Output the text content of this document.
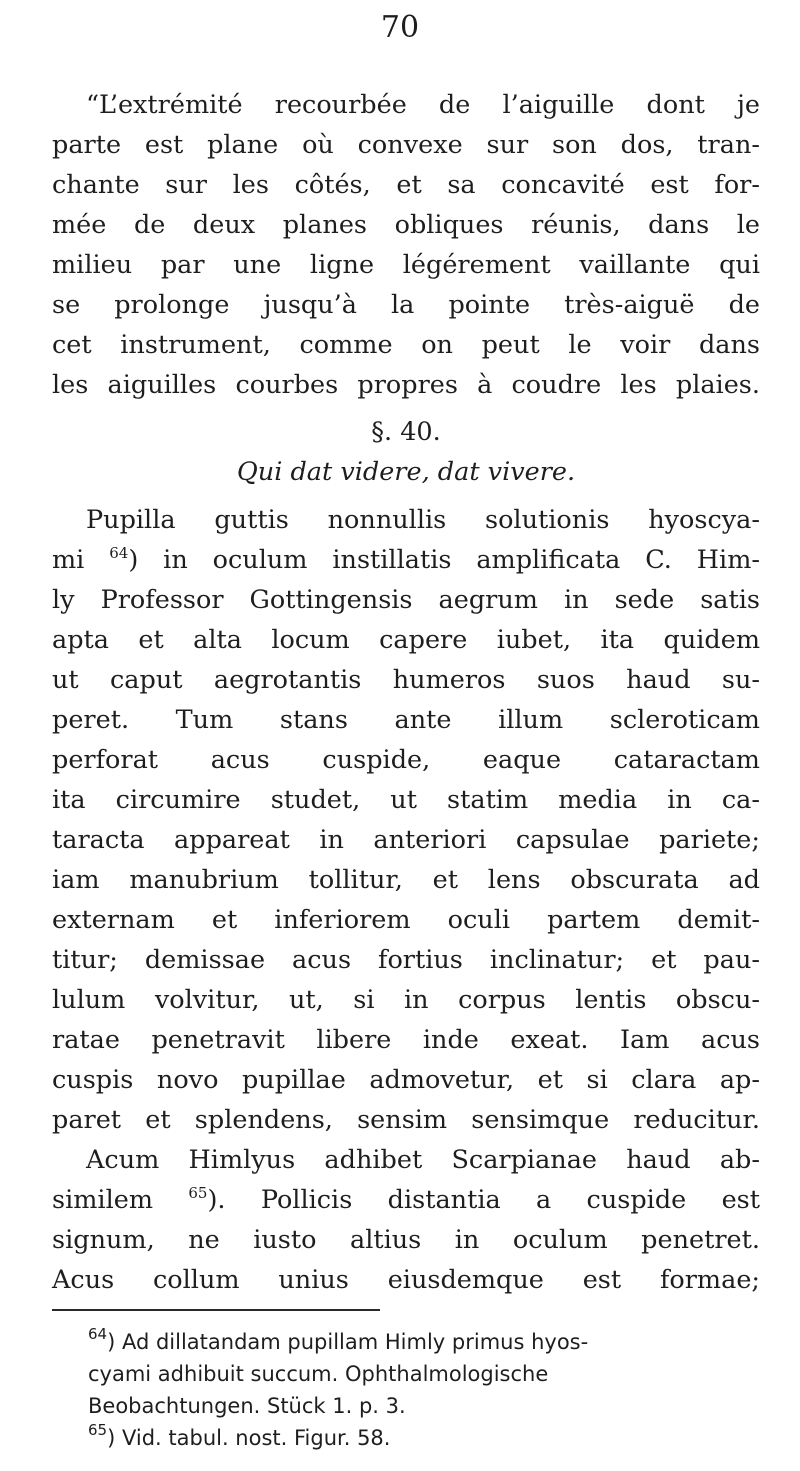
70
“L’extrémité recourbée de l’aiguille dont je
parte est plane où convexe sur son dos, tran-
chante sur les côtés, et sa concavité est for-
mée de deux planes obliques réunis, dans le
milieu par une ligne légérement vaillante qui
se prolonge jusqu’à la pointe très-aiguë de
cet instrument, comme on peut le voir dans
les aiguilles courbes propres à coudre les plaies.
§. 40.
Qui dat videre, dat vivere.
Pupilla guttis nonnullis solutionis hyoscya-
mi $^{64}$) in oculum instillatis amplificata C. Him-
ly Professor Gottingensis aegrum in sede satis
apta et alta locum capere iubet, ita quidem
ut caput aegrotantis humeros suos haud su-
peret. Tum stans ante illum scleroticam
perforat acus cuspide, eaque cataractam
ita circumire studet, ut statim media in ca-
taracta appareat in anteriori capsulae pariete;
iam manubrium tollitur, et lens obscurata ad
externam et inferiorem oculi partem demit-
titur; demissae acus fortius inclinatur; et pau-
lulum volvitur, ut, si in corpus lentis obscu-
ratae penetravit libere inde exeat. Iam acus
cuspis novo pupillae admovetur, et si clara ap-
paret et splendens, sensim sensimque reducitur.
Acum Himlyus adhibet Scarpianae haud ab-
similem $^{65}$). Pollicis distantia a cuspide est
signum, ne iusto altius in oculum penetret.
Acus collum unius eiusdemque est formae;
$^{64}$) Ad dillatandam pupillam Himly primus hyos-
cyami adhibuit succum. Ophthalmologische
Beobachtungen. Stück 1. p. 3.
$^{65}$) Vid. tabul. nost. Figur. 58.
